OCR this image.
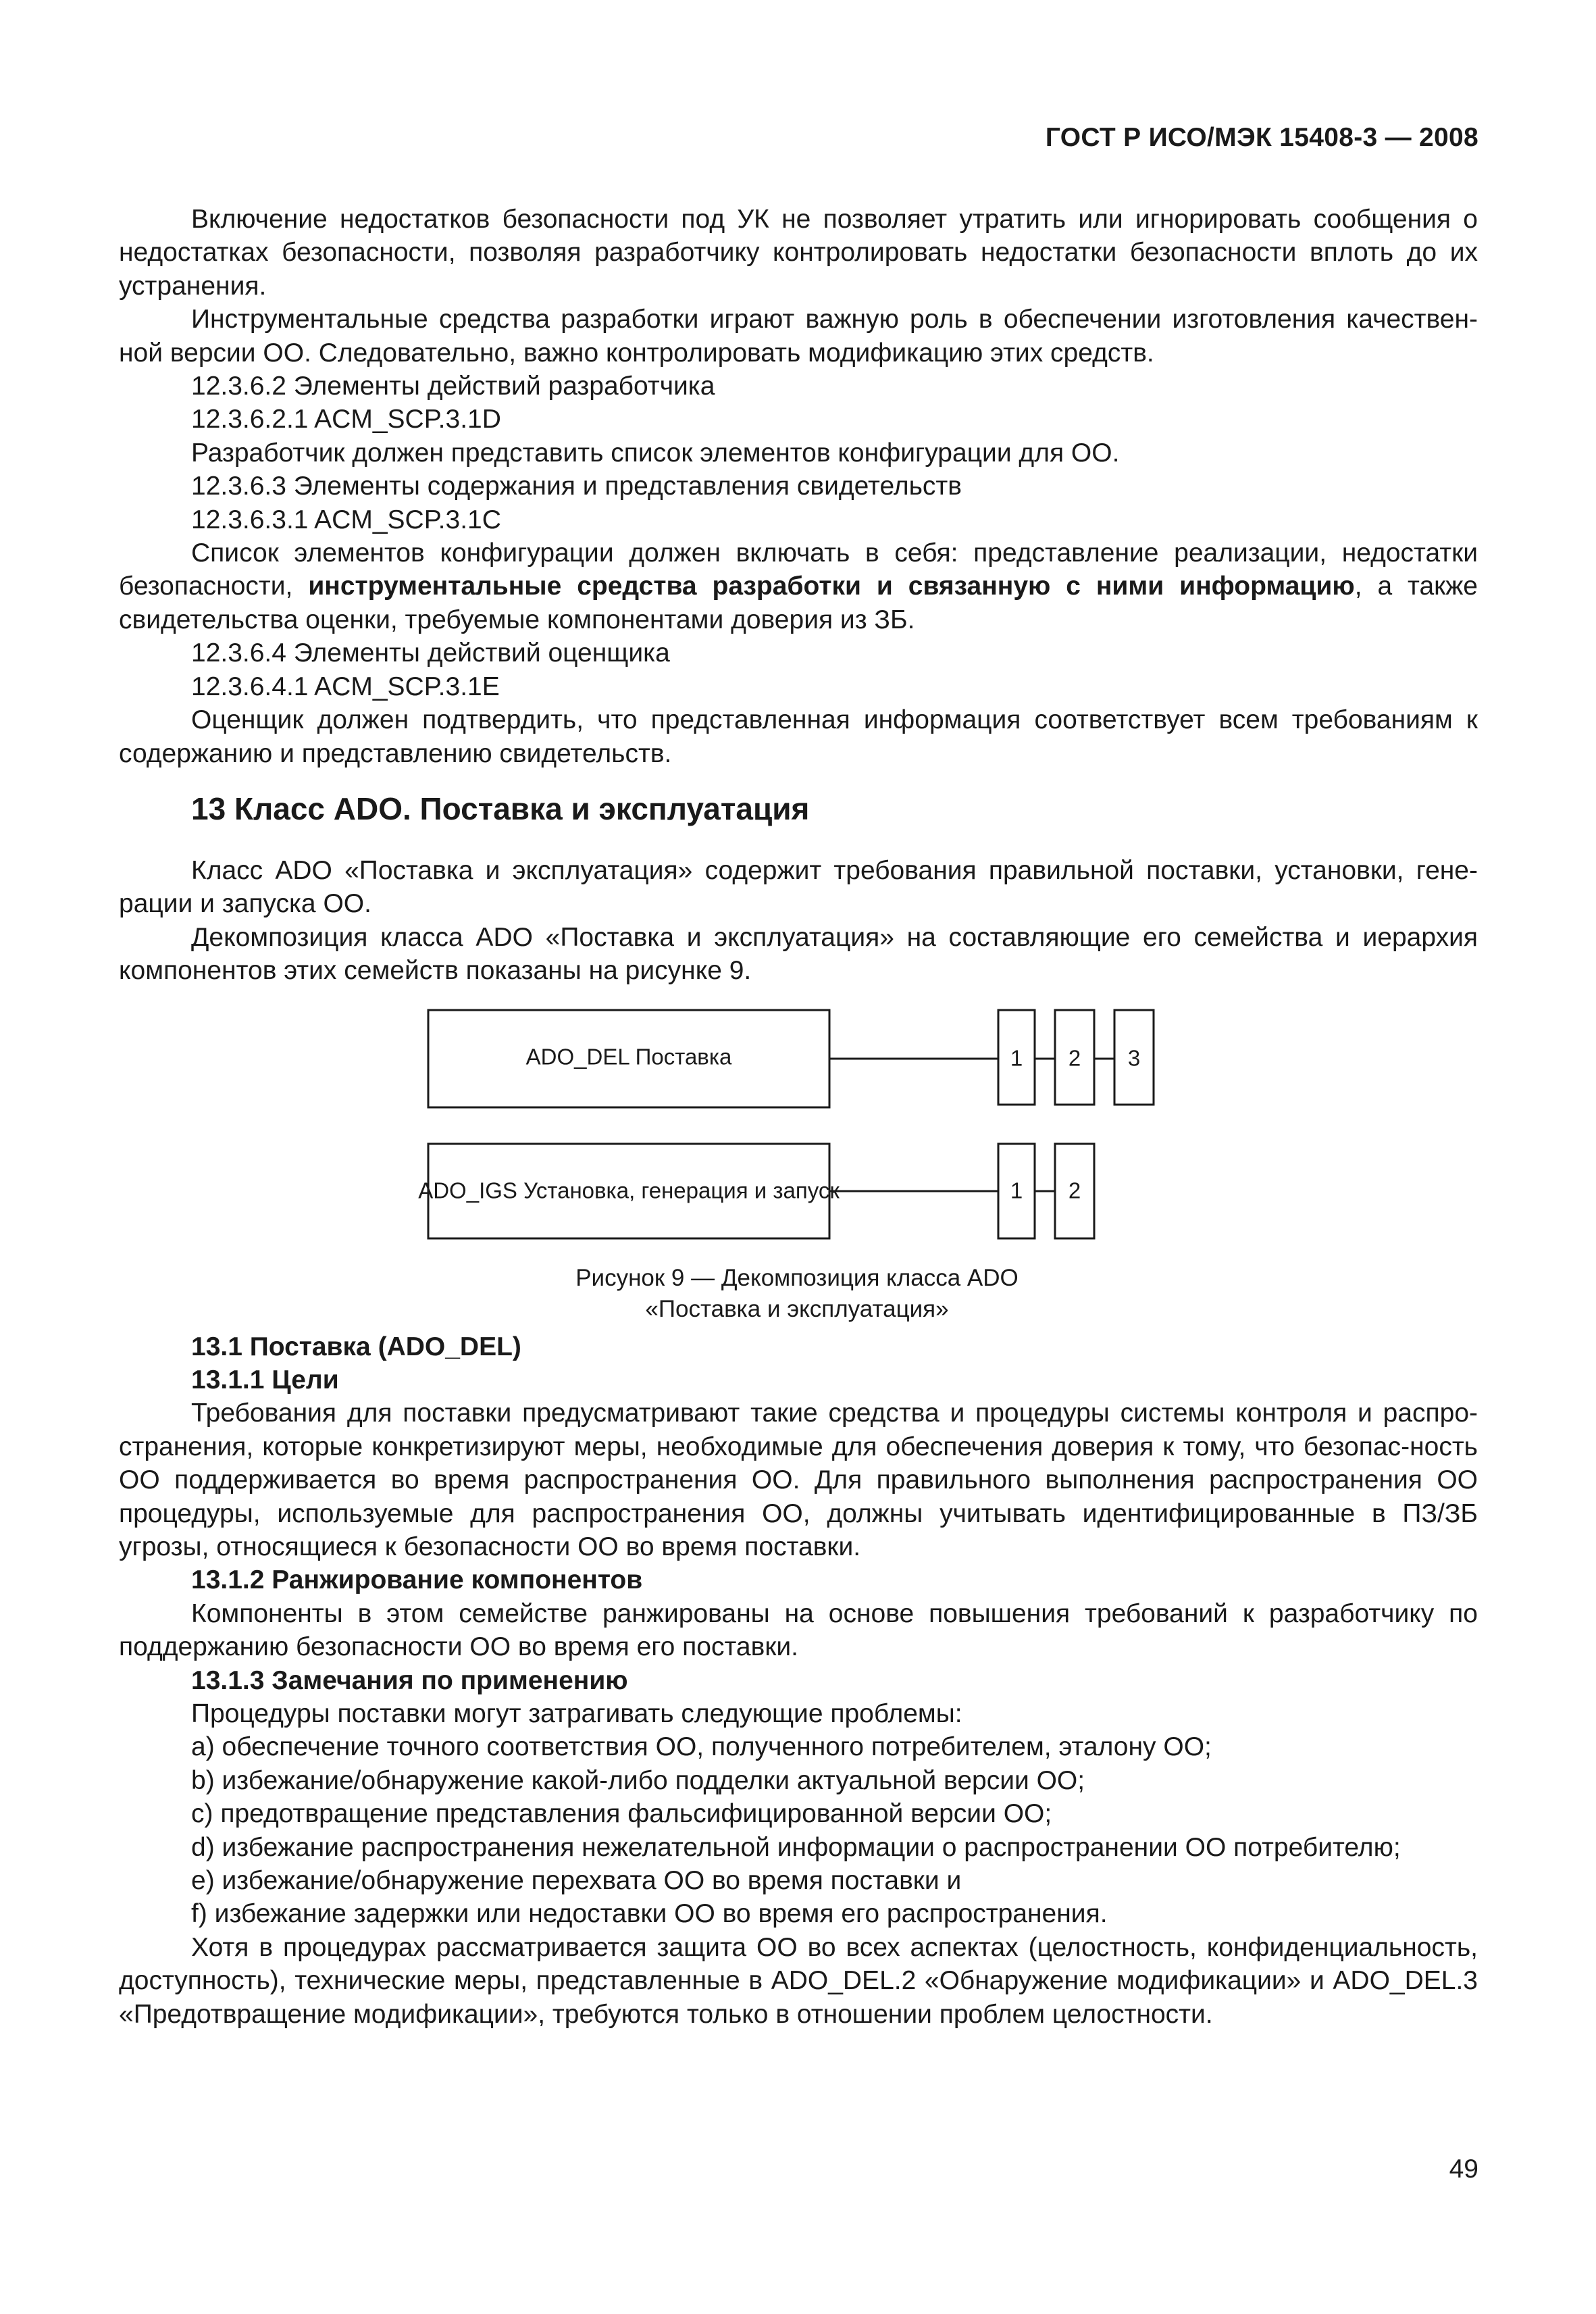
ГОСТ Р ИСО/МЭК 15408-3 — 2008

Включение недостатков безопасности под УК не позволяет утратить или игнорировать сообщения о недостатках безопасности, позволяя разработчику контролировать недостатки безопасности вплоть до их устранения.

Инструментальные средства разработки играют важную роль в обеспечении изготовления качествен-ной версии ОО. Следовательно, важно контролировать модификацию этих средств.

12.3.6.2 Элементы действий разработчика

12.3.6.2.1 ACM_SCP.3.1D

Разработчик должен представить список элементов конфигурации для ОО.

12.3.6.3 Элементы содержания и представления свидетельств

12.3.6.3.1 ACM_SCP.3.1C

Список элементов конфигурации должен включать в себя: представление реализации, недостатки безопасности, инструментальные средства разработки и связанную с ними информацию, а также свидетельства оценки, требуемые компонентами доверия из ЗБ.

12.3.6.4 Элементы действий оценщика

12.3.6.4.1 ACM_SCP.3.1E

Оценщик должен подтвердить, что представленная информация соответствует всем требованиям к содержанию и представлению свидетельств.

13 Класс ADO. Поставка и эксплуатация

Класс ADO «Поставка и эксплуатация» содержит требования правильной поставки, установки, гене-рации и запуска ОО.

Декомпозиция класса ADO «Поставка и эксплуатация» на составляющие его семейства и иерархия компонентов этих семейств показаны на рисунке 9.

ADO_DEL Поставка	1 2 3
ADO_IGS Установка, генерация и запуск	1 2
Рисунок 9 — Декомпозиция класса ADO
«Поставка и эксплуатация»

13.1 Поставка (ADO_DEL)

13.1.1 Цели

Требования для поставки предусматривают такие средства и процедуры системы контроля и распро-странения, которые конкретизируют меры, необходимые для обеспечения доверия к тому, что безопас-ность ОО поддерживается во время распространения ОО. Для правильного выполнения распространения ОО процедуры, используемые для распространения ОО, должны учитывать идентифицированные в ПЗ/ЗБ угрозы, относящиеся к безопасности ОО во время поставки.

13.1.2 Ранжирование компонентов

Компоненты в этом семействе ранжированы на основе повышения требований к разработчику по поддержанию безопасности ОО во время его поставки.

13.1.3 Замечания по применению

Процедуры поставки могут затрагивать следующие проблемы:

a) обеспечение точного соответствия ОО, полученного потребителем, эталону ОО;

b) избежание/обнаружение какой-либо подделки актуальной версии ОО;

c) предотвращение представления фальсифицированной версии ОО;

d) избежание распространения нежелательной информации о распространении ОО потребителю;

e) избежание/обнаружение перехвата ОО во время поставки и

f) избежание задержки или недоставки ОО во время его распространения.

Хотя в процедурах рассматривается защита ОО во всех аспектах (целостность, конфиденциальность, доступность), технические меры, представленные в ADO_DEL.2 «Обнаружение модификации» и ADO_DEL.3 «Предотвращение модификации», требуются только в отношении проблем целостности.

49
